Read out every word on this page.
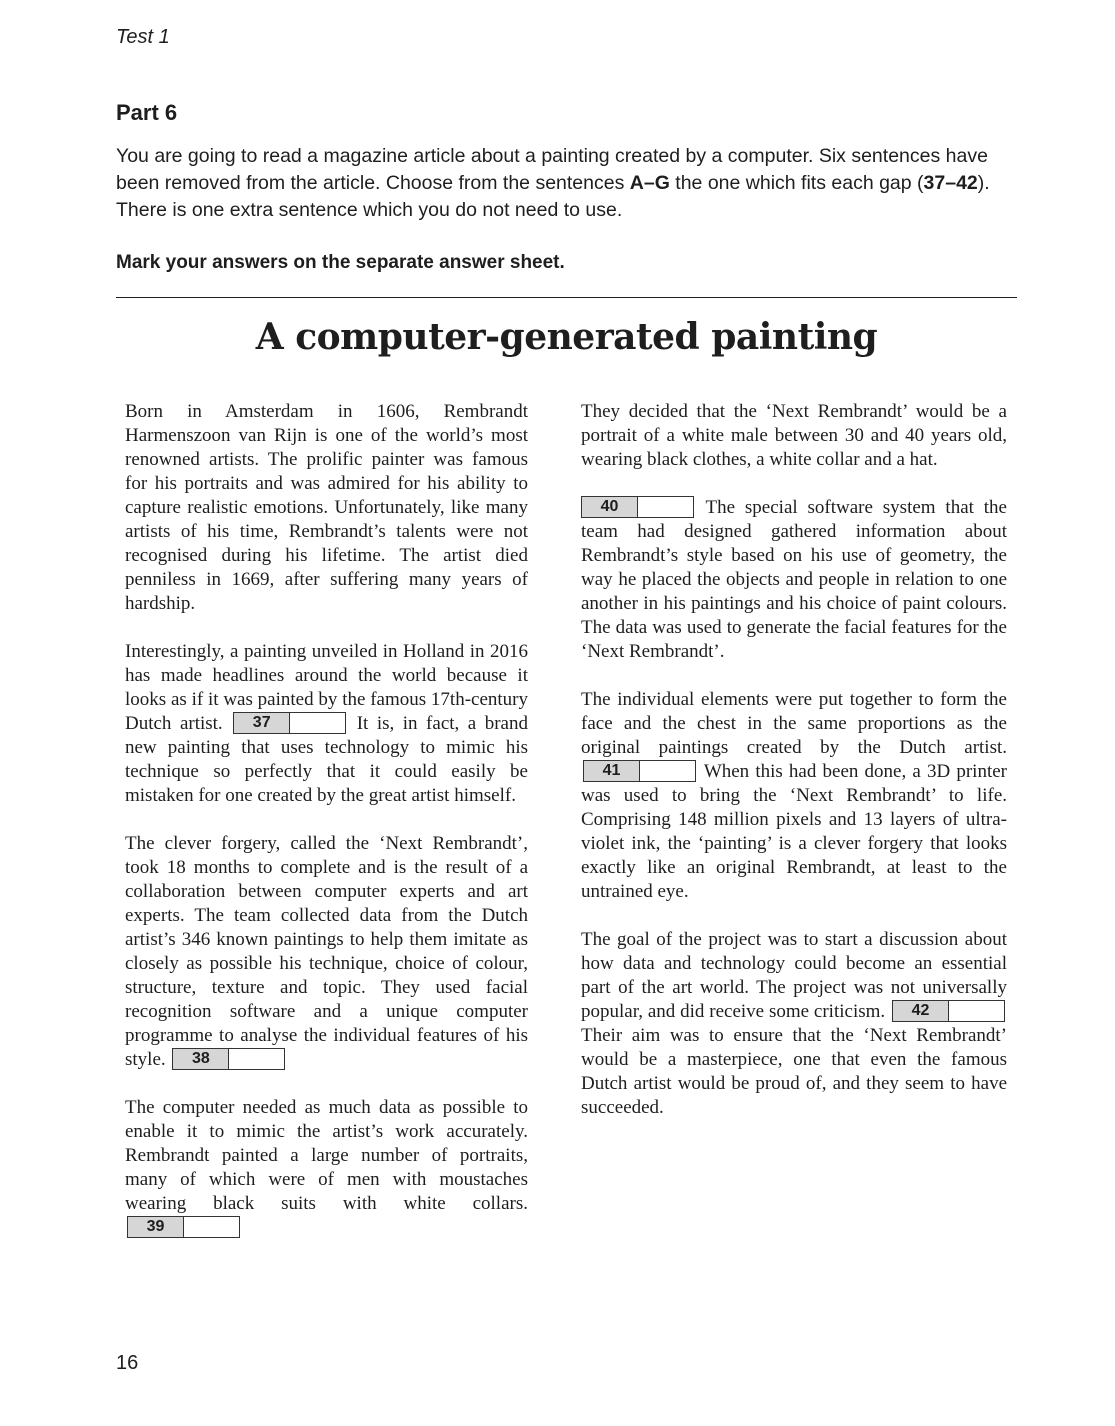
Test 1
Part 6
You are going to read a magazine article about a painting created by a computer. Six sentences have been removed from the article. Choose from the sentences A–G the one which fits each gap (37–42). There is one extra sentence which you do not need to use.
Mark your answers on the separate answer sheet.
A computer-generated painting

Born in Amsterdam in 1606, Rembrandt Harmenszoon van Rijn is one of the world’s most renowned artists. The prolific painter was famous for his portraits and was admired for his ability to capture realistic emotions. Unfortunately, like many artists of his time, Rembrandt’s talents were not recognised during his lifetime. The artist died penniless in 1669, after suffering many years of hardship.

Interestingly, a painting unveiled in Holland in 2016 has made headlines around the world because it looks as if it was painted by the famous 17th-century Dutch artist.	37	It is, in fact, a brand new painting that uses technology to mimic his technique so perfectly that it could easily be mistaken for one created by the great artist himself.

The clever forgery, called the ‘Next Rembrandt’, took 18 months to complete and is the result of a collaboration between computer experts and art experts. The team collected data from the Dutch artist’s 346 known paintings to help them imitate as closely as possible his technique, choice of colour, structure, texture and topic. They used facial recognition software and a unique computer programme to analyse the individual features of his style.	38

The computer needed as much data as possible to enable it to mimic the artist’s work accurately. Rembrandt painted a large number of portraits, many of which were of men with moustaches wearing black suits with white collars.
39

They decided that the ‘Next Rembrandt’ would be a portrait of a white male between 30 and 40 years old, wearing black clothes, a white collar and a hat.

40	The special software system that the team had designed gathered information about Rembrandt’s style based on his use of geometry, the way he placed the objects and people in relation to one another in his paintings and his choice of paint colours. The data was used to generate the facial features for the ‘Next Rembrandt’.

The individual elements were put together to form the face and the chest in the same proportions as the original paintings created by the Dutch artist.
41	When this had been done, a 3D printer was used to bring the ‘Next Rembrandt’ to life. Comprising 148 million pixels and 13 layers of ultra-violet ink, the ‘painting’ is a clever forgery that looks exactly like an original Rembrandt, at least to the untrained eye.

The goal of the project was to start a discussion about how data and technology could become an essential part of the art world. The project was not universally popular, and did receive some criticism.	42
Their aim was to ensure that the ‘Next Rembrandt’ would be a masterpiece, one that even the famous Dutch artist would be proud of, and they seem to have succeeded.

16
